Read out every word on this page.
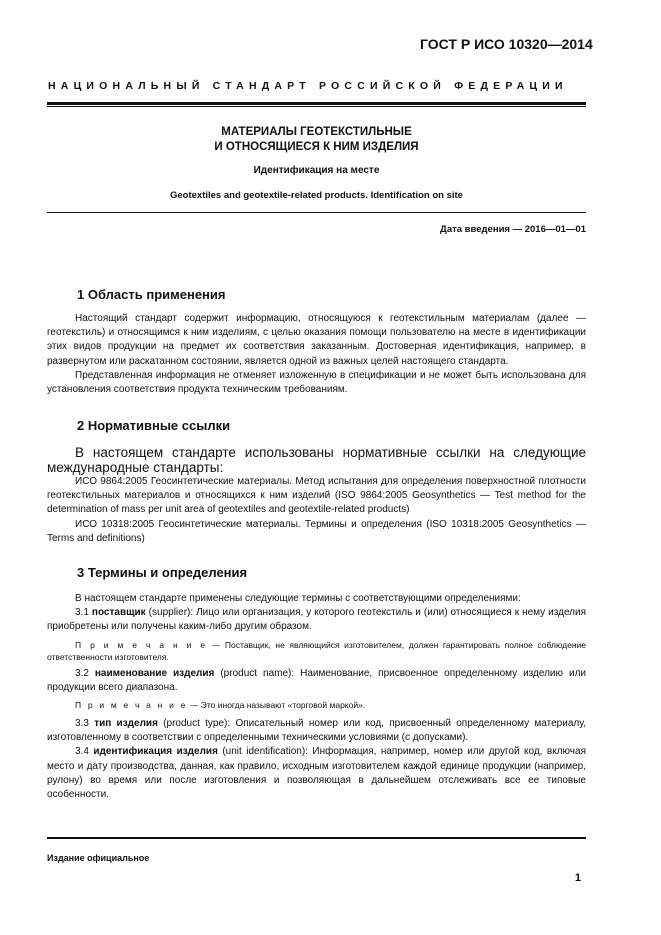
ГОСТ Р ИСО 10320—2014
НАЦИОНАЛЬНЫЙ СТАНДАРТ РОССИЙСКОЙ ФЕДЕРАЦИИ
МАТЕРИАЛЫ ГЕОТЕКСТИЛЬНЫЕ
И ОТНОСЯЩИЕСЯ К НИМ ИЗДЕЛИЯ
Идентификация на месте
Geotextiles and geotextile-related products. Identification on site
Дата введения — 2016—01—01
1 Область применения

Настоящий стандарт содержит информацию, относящуюся к геотекстильным материалам (далее — геотекстиль) и относящимся к ним изделиям, с целью оказания помощи пользователю на месте в идентификации этих видов продукции на предмет их соответствия заказанным. Достоверная идентификация, например, в развернутом или раскатанном состоянии, является одной из важных целей настоящего стандарта.

Представленная информация не отменяет изложенную в спецификации и не может быть использована для установления соответствия продукта техническим требованиям.

2 Нормативные ссылки

В настоящем стандарте использованы нормативные ссылки на следующие международные стандарты:

ИСО 9864:2005 Геосинтетические материалы. Метод испытания для определения поверхностной плотности геотекстильных материалов и относящихся к ним изделий (ISO 9864:2005 Geosynthetics — Test method for the determination of mass per unit area of geotextiles and geotextile-related products)

ИСО 10318:2005 Геосинтетические материалы. Термины и определения (ISO 10318:2005 Geosynthetics — Terms and definitions)

3 Термины и определения

В настоящем стандарте применены следующие термины с соответствующими определениями:

3.1 поставщик (supplier): Лицо или организация, у которого геотекстиль и (или) относящиеся к нему изделия приобретены или получены каким-либо другим образом.

П р и м е ч а н и е — Поставщик, не являющийся изготовителем, должен гарантировать полное соблюдение ответственности изготовителя.

3.2 наименование изделия (product name): Наименование, присвоенное определенному изделию или продукции всего диапазона.

П р и м е ч а н и е — Это иногда называют «торговой маркой».

3.3 тип изделия (product type): Описательный номер или код, присвоенный определенному материалу, изготовленному в соответствии с определенными техническими условиями (с допусками).

3.4 идентификация изделия (unit identification): Информация, например, номер или другой код, включая место и дату производства, данная, как правило, исходным изготовителем каждой единице продукции (например, рулону) во время или после изготовления и позволяющая в дальнейшем отслеживать все ее типовые особенности.

Издание официальное
1
